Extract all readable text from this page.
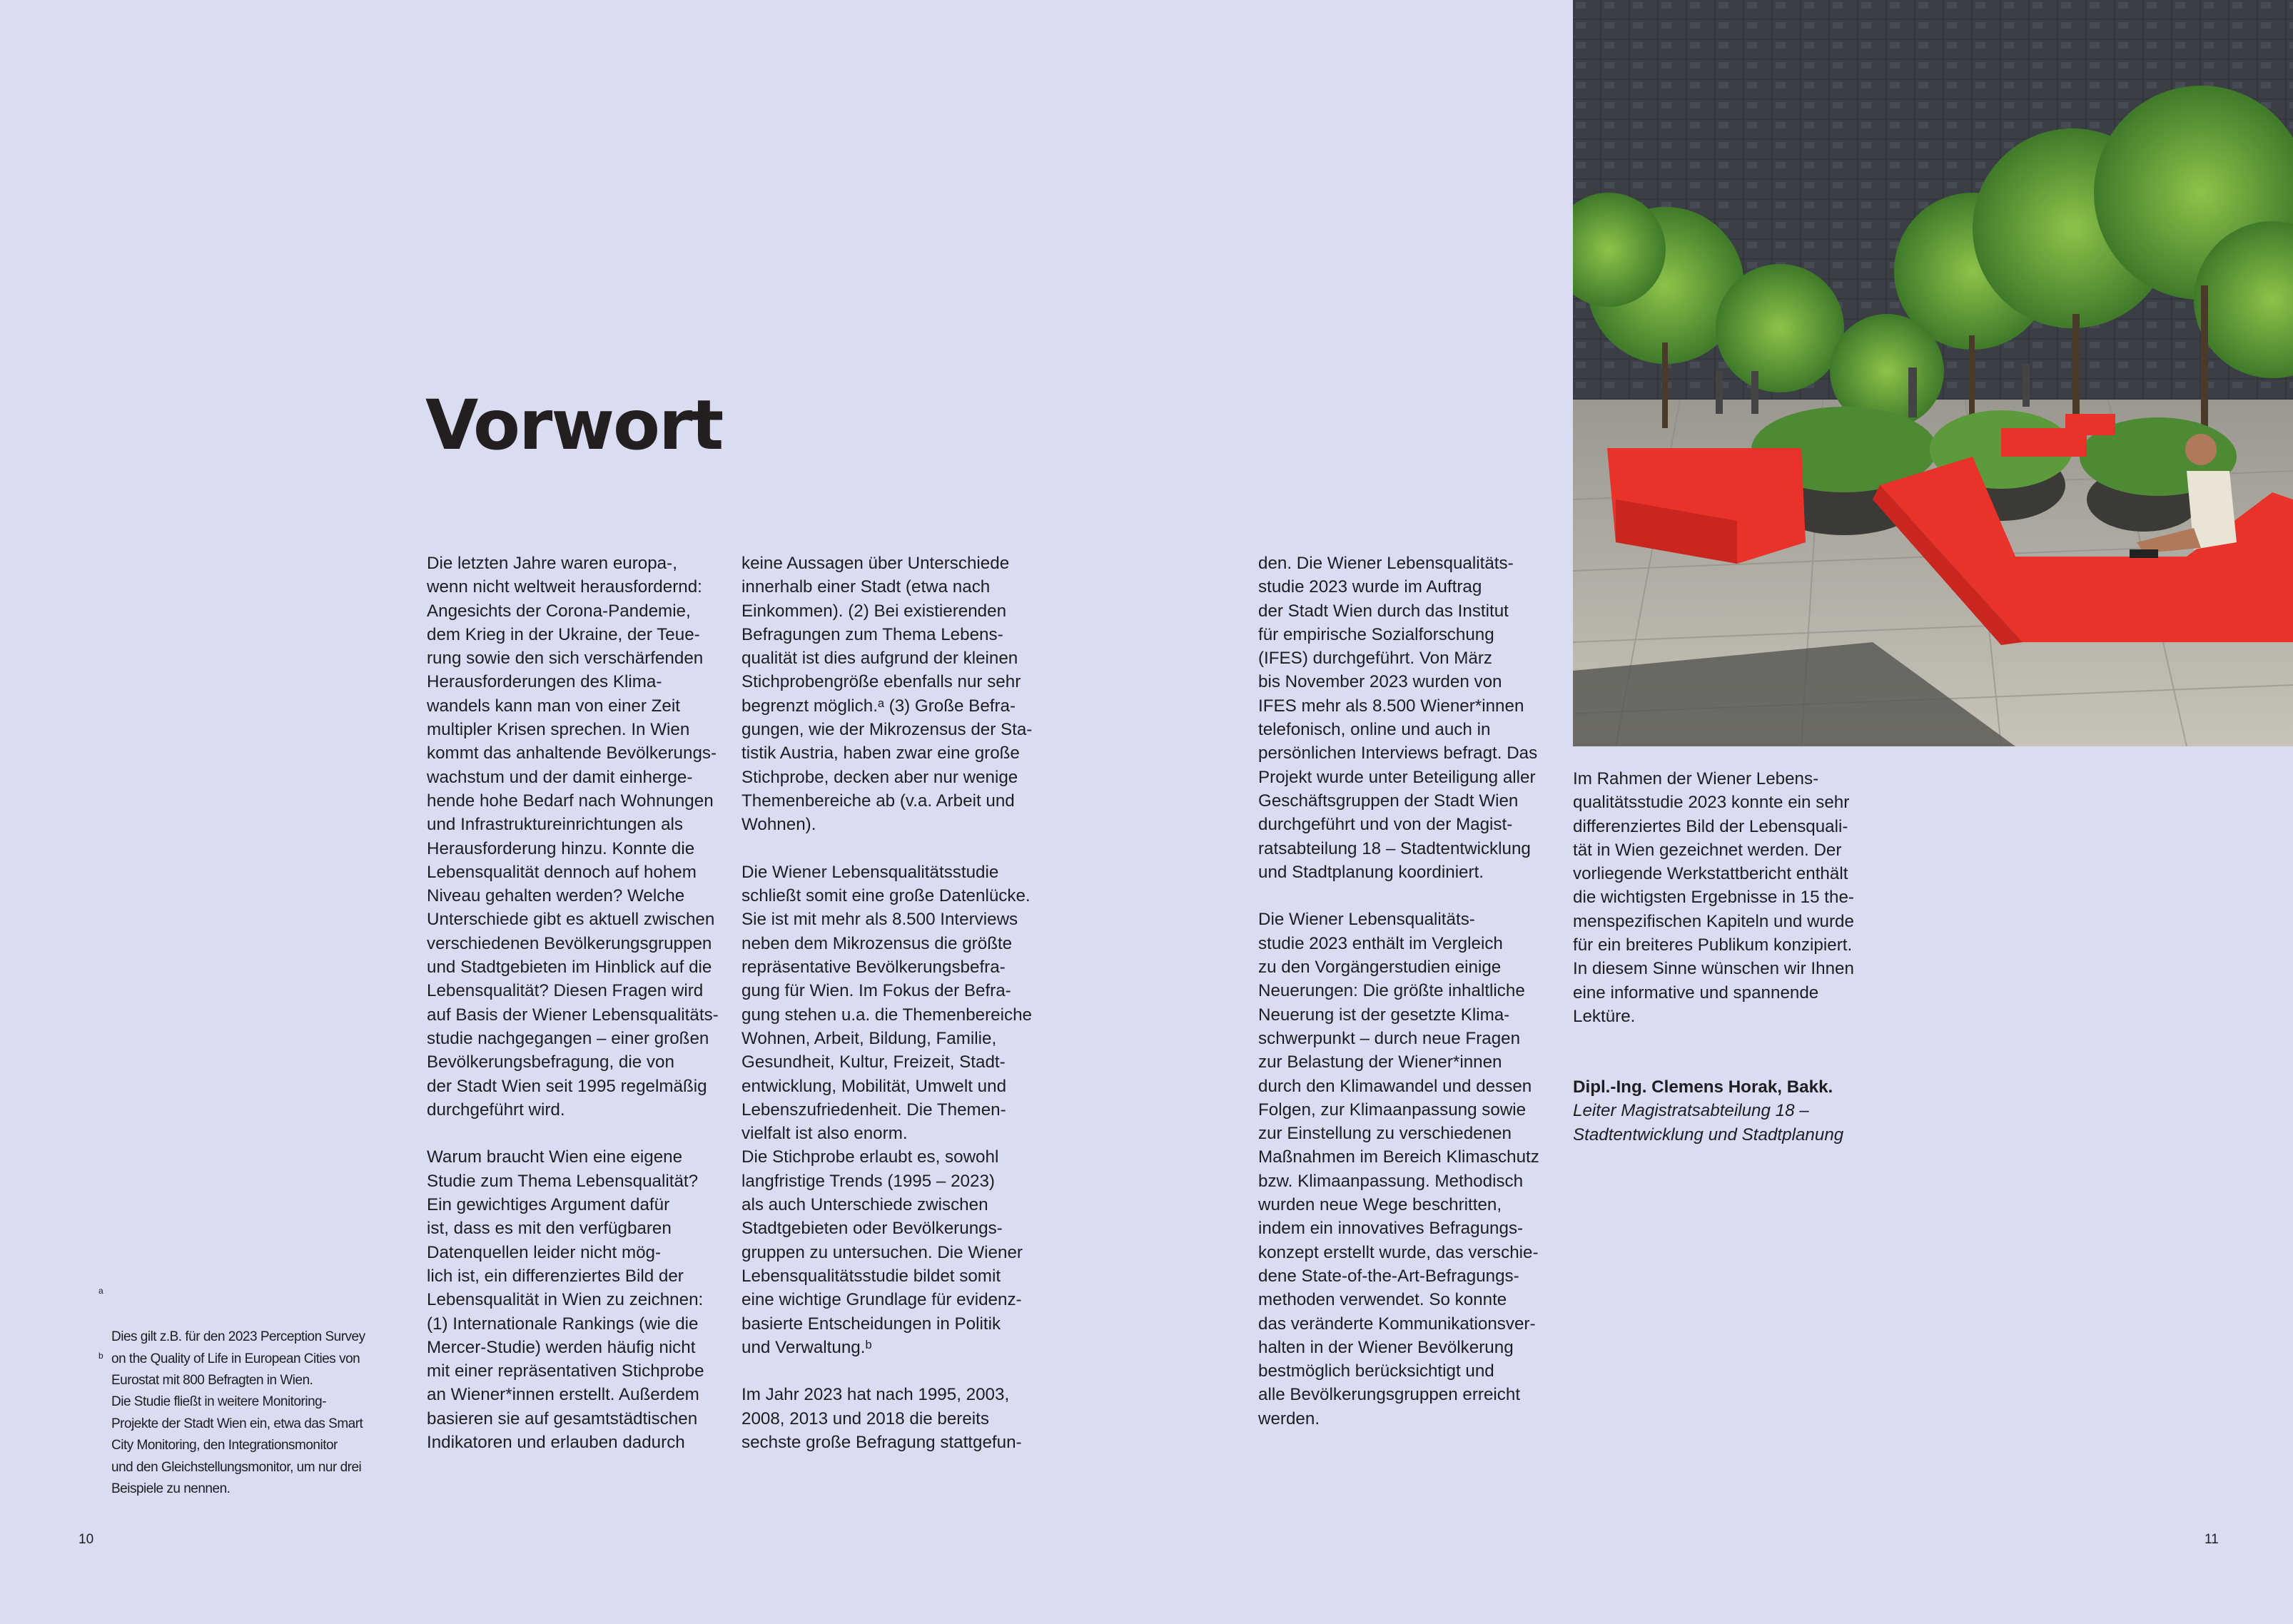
Vorwort
Die letzten Jahre waren europa-,
wenn nicht weltweit herausfordernd:
Angesichts der Corona-Pandemie,
dem Krieg in der Ukraine, der Teue-
rung sowie den sich verschärfenden
Herausforderungen des Klima-
wandels kann man von einer Zeit
multipler Krisen sprechen. In Wien
kommt das anhaltende Bevölkerungs-
wachstum und der damit einherge-
hende hohe Bedarf nach Wohnungen
und Infrastruktureinrichtungen als
Herausforderung hinzu. Konnte die
Lebensqualität dennoch auf hohem
Niveau gehalten werden? Welche
Unterschiede gibt es aktuell zwischen
verschiedenen Bevölkerungsgruppen
und Stadtgebieten im Hinblick auf die
Lebensqualität? Diesen Fragen wird
auf Basis der Wiener Lebensqualitäts-
studie nachgegangen – einer großen
Bevölkerungsbefragung, die von
der Stadt Wien seit 1995 regelmäßig
durchgeführt wird.

Warum braucht Wien eine eigene
Studie zum Thema Lebensqualität?
Ein gewichtiges Argument dafür
ist, dass es mit den verfügbaren
Datenquellen leider nicht mög-
lich ist, ein differenziertes Bild der
Lebensqualität in Wien zu zeichnen:
(1) Internationale Rankings (wie die
Mercer-Studie) werden häufig nicht
mit einer repräsentativen Stichprobe
an Wiener*innen erstellt. Außerdem
basieren sie auf gesamtstädtischen
Indikatoren und erlauben dadurch
keine Aussagen über Unterschiede
innerhalb einer Stadt (etwa nach
Einkommen). (2) Bei existierenden
Befragungen zum Thema Lebens-
qualität ist dies aufgrund der kleinen
Stichprobengröße ebenfalls nur sehr
begrenzt möglich.ᵃ (3) Große Befra-
gungen, wie der Mikrozensus der Sta-
tistik Austria, haben zwar eine große
Stichprobe, decken aber nur wenige
Themenbereiche ab (v.a. Arbeit und
Wohnen).

Die Wiener Lebensqualitätsstudie
schließt somit eine große Datenlücke.
Sie ist mit mehr als 8.500 Interviews
neben dem Mikrozensus die größte
repräsentative Bevölkerungsbefra-
gung für Wien. Im Fokus der Befra-
gung stehen u.a. die Themenbereiche
Wohnen, Arbeit, Bildung, Familie,
Gesundheit, Kultur, Freizeit, Stadt-
entwicklung, Mobilität, Umwelt und
Lebenszufriedenheit. Die Themen-
vielfalt ist also enorm.
Die Stichprobe erlaubt es, sowohl
langfristige Trends (1995 – 2023)
als auch Unterschiede zwischen
Stadtgebieten oder Bevölkerungs-
gruppen zu untersuchen. Die Wiener
Lebensqualitätsstudie bildet somit
eine wichtige Grundlage für evidenz-
basierte Entscheidungen in Politik
und Verwaltung.ᵇ

Im Jahr 2023 hat nach 1995, 2003,
2008, 2013 und 2018 die bereits
sechste große Befragung stattgefun-
den. Die Wiener Lebensqualitäts-
studie 2023 wurde im Auftrag
der Stadt Wien durch das Institut
für empirische Sozialforschung
(IFES) durchgeführt. Von März
bis November 2023 wurden von
IFES mehr als 8.500 Wiener*innen
telefonisch, online und auch in
persönlichen Interviews befragt. Das
Projekt wurde unter Beteiligung aller
Geschäftsgruppen der Stadt Wien
durchgeführt und von der Magist-
ratsabteilung 18 – Stadtentwicklung
und Stadtplanung koordiniert.

Die Wiener Lebensqualitäts-
studie 2023 enthält im Vergleich
zu den Vorgängerstudien einige
Neuerungen: Die größte inhaltliche
Neuerung ist der gesetzte Klima-
schwerpunkt – durch neue Fragen
zur Belastung der Wiener*innen
durch den Klimawandel und dessen
Folgen, zur Klimaanpassung sowie
zur Einstellung zu verschiedenen
Maßnahmen im Bereich Klimaschutz
bzw. Klimaanpassung. Methodisch
wurden neue Wege beschritten,
indem ein innovatives Befragungs-
konzept erstellt wurde, das verschie-
dene State-of-the-Art-Befragungs-
methoden verwendet. So konnte
das veränderte Kommunikationsver-
halten in der Wiener Bevölkerung
bestmöglich berücksichtigt und
alle Bevölkerungsgruppen erreicht
werden.
Im Rahmen der Wiener Lebens-
qualitätsstudie 2023 konnte ein sehr
differenziertes Bild der Lebensquali-
tät in Wien gezeichnet werden. Der
vorliegende Werkstattbericht enthält
die wichtigsten Ergebnisse in 15 the-
menspezifischen Kapiteln und wurde
für ein breiteres Publikum konzipiert.
In diesem Sinne wünschen wir Ihnen
eine informative und spannende
Lektüre.
Dipl.-Ing. Clemens Horak, Bakk.
Leiter Magistratsabteilung 18 –
Stadtentwicklung und Stadtplanung

a

Dies gilt z.B. für den 2023 Perception Survey
on the Quality of Life in European Cities von
Eurostat mit 800 Befragten in Wien.

b

Die Studie fließt in weitere Monitoring-
Projekte der Stadt Wien ein, etwa das Smart
City Monitoring, den Integrationsmonitor
und den Gleichstellungsmonitor, um nur drei
Beispiele zu nennen.

10	11
